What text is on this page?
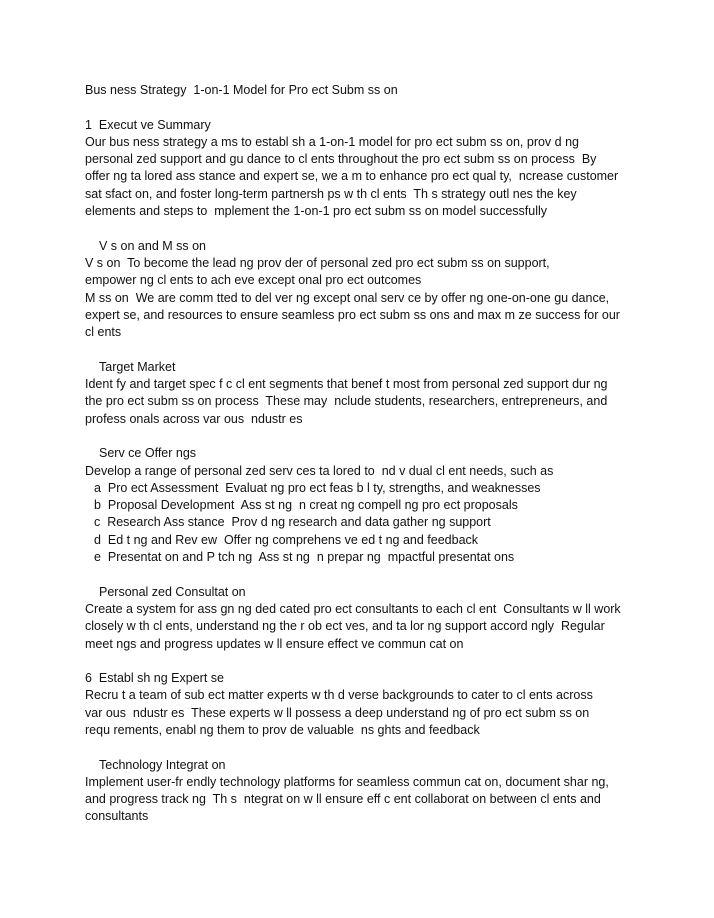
Bus ness Strategy  1-on-1 Model for Pro ect Subm ss on
1  Execut ve Summary
Our bus ness strategy a ms to establ sh a 1-on-1 model for pro ect subm ss on, prov d ng
personal zed support and gu dance to cl ents throughout the pro ect subm ss on process  By
offer ng ta lored ass stance and expert se, we a m to enhance pro ect qual ty,  ncrease customer
sat sfact on, and foster long-term partnersh ps w th cl ents  Th s strategy outl nes the key
elements and steps to  mplement the 1-on-1 pro ect subm ss on model successfully
V s on and M ss on
V s on  To become the lead ng prov der of personal zed pro ect subm ss on support,
empower ng cl ents to ach eve except onal pro ect outcomes
M ss on  We are comm tted to del ver ng except onal serv ce by offer ng one-on-one gu dance,
expert se, and resources to ensure seamless pro ect subm ss ons and max m ze success for our
cl ents
Target Market
Ident fy and target spec f c cl ent segments that benef t most from personal zed support dur ng
the pro ect subm ss on process  These may  nclude students, researchers, entrepreneurs, and
profess onals across var ous  ndustr es
Serv ce Offer ngs
Develop a range of personal zed serv ces ta lored to  nd v dual cl ent needs, such as
a  Pro ect Assessment  Evaluat ng pro ect feas b l ty, strengths, and weaknesses
b  Proposal Development  Ass st ng  n creat ng compell ng pro ect proposals
c  Research Ass stance  Prov d ng research and data gather ng support
d  Ed t ng and Rev ew  Offer ng comprehens ve ed t ng and feedback
e  Presentat on and P tch ng  Ass st ng  n prepar ng  mpactful presentat ons
Personal zed Consultat on
Create a system for ass gn ng ded cated pro ect consultants to each cl ent  Consultants w ll work
closely w th cl ents, understand ng the r ob ect ves, and ta lor ng support accord ngly  Regular
meet ngs and progress updates w ll ensure effect ve commun cat on
6  Establ sh ng Expert se
Recru t a team of sub ect matter experts w th d verse backgrounds to cater to cl ents across
var ous  ndustr es  These experts w ll possess a deep understand ng of pro ect subm ss on
requ rements, enabl ng them to prov de valuable  ns ghts and feedback
Technology Integrat on
Implement user-fr endly technology platforms for seamless commun cat on, document shar ng,
and progress track ng  Th s  ntegrat on w ll ensure eff c ent collaborat on between cl ents and
consultants
